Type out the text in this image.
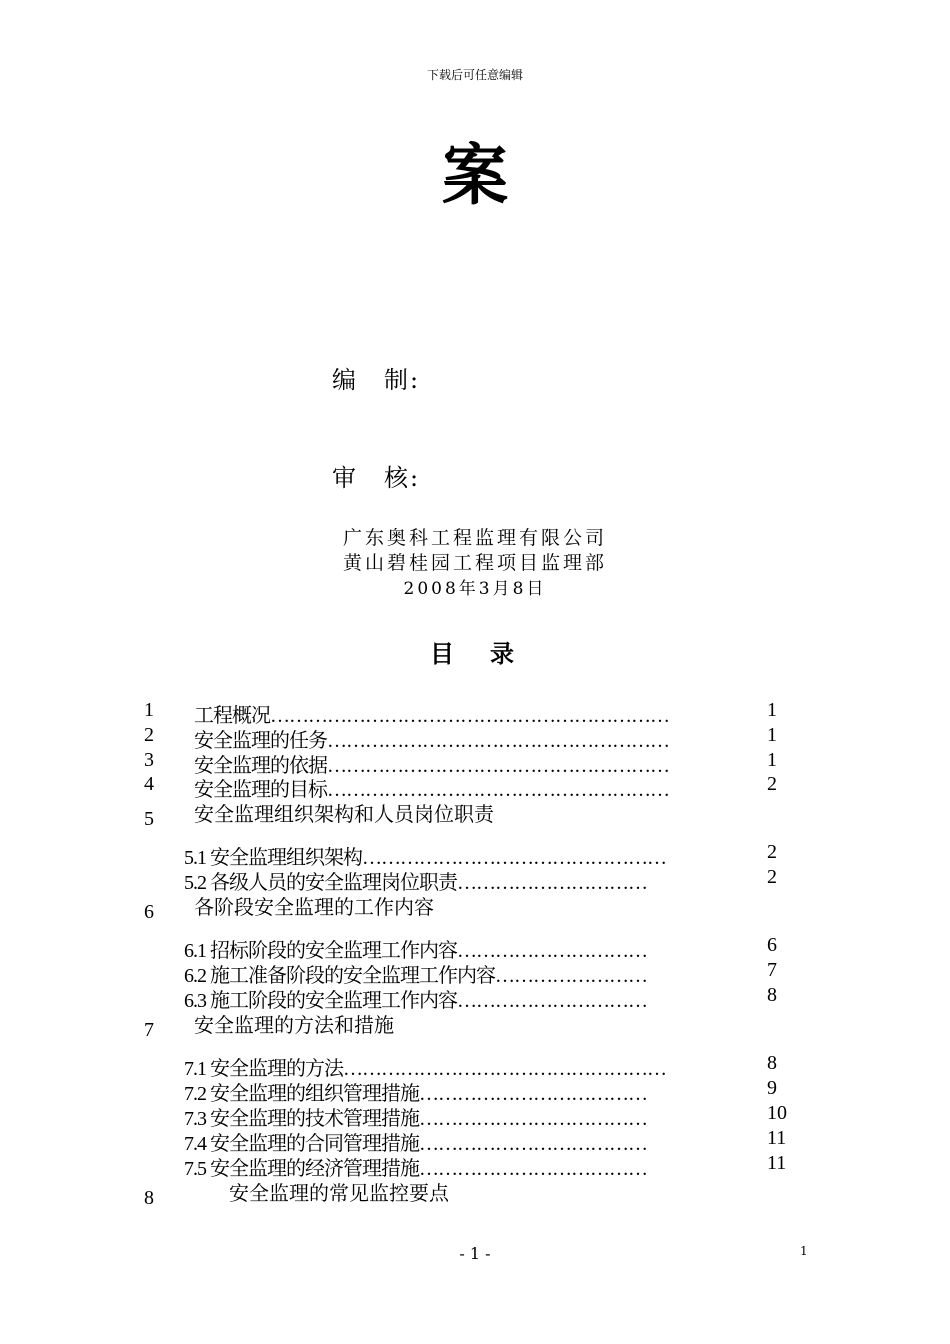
下载后可任意编辑
案
编　制:
审　核:
广东奥科工程监理有限公司
黄山碧桂园工程项目监理部
2008年3月8日
目　录
1 工程概况………………………………………………………	1
2 安全监理的任务………………………………………………	1
3 安全监理的依据………………………………………………	1
4 安全监理的目标………………………………………………	2
5 安全监理组织架构和人员岗位职责
5.1 安全监理组织架构…………………………………………	2
5.2 各级人员的安全监理岗位职责…………………………	2
6 各阶段安全监理的工作内容
6.1 招标阶段的安全监理工作内容…………………………	6
6.2 施工准备阶段的安全监理工作内容……………………	7
6.3 施工阶段的安全监理工作内容…………………………	8
7 安全监理的方法和措施
7.1 安全监理的方法……………………………………………	8
7.2 安全监理的组织管理措施………………………………	9
7.3 安全监理的技术管理措施………………………………	10
7.4 安全监理的合同管理措施………………………………	11
7.5 安全监理的经济管理措施………………………………	11
8	安全监理的常见监控要点
- 1 -	1
